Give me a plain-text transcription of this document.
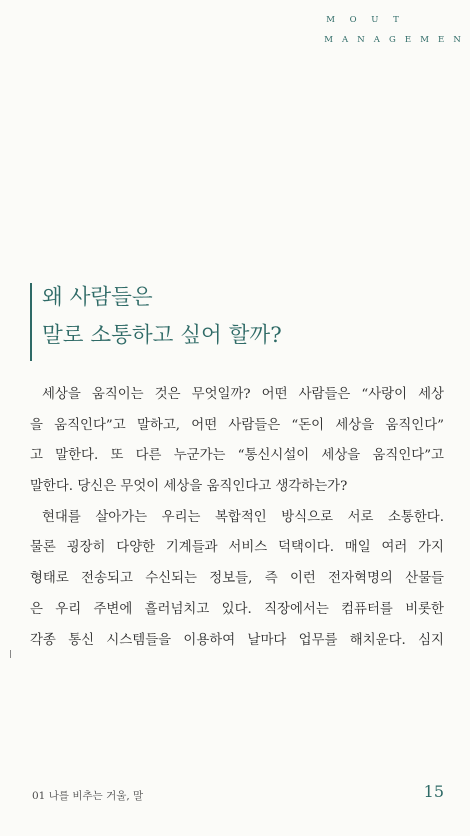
M O U T
M A N A G E M E N
왜 사람들은
말로 소통하고 싶어 할까?
세상을 움직이는 것은 무엇일까? 어떤 사람들은 “사랑이 세상
을 움직인다”고 말하고, 어떤 사람들은 “돈이 세상을 움직인다”
고 말한다. 또 다른 누군가는 “통신시설이 세상을 움직인다”고
말한다. 당신은 무엇이 세상을 움직인다고 생각하는가?
현대를 살아가는 우리는 복합적인 방식으로 서로 소통한다.
물론 굉장히 다양한 기계들과 서비스 덕택이다. 매일 여러 가지
형태로 전송되고 수신되는 정보들, 즉 이런 전자혁명의 산물들
은 우리 주변에 흘러넘치고 있다. 직장에서는 컴퓨터를 비롯한
각종 통신 시스템들을 이용하여 날마다 업무를 해치운다. 심지
01 나를 비추는 거울, 말	15
